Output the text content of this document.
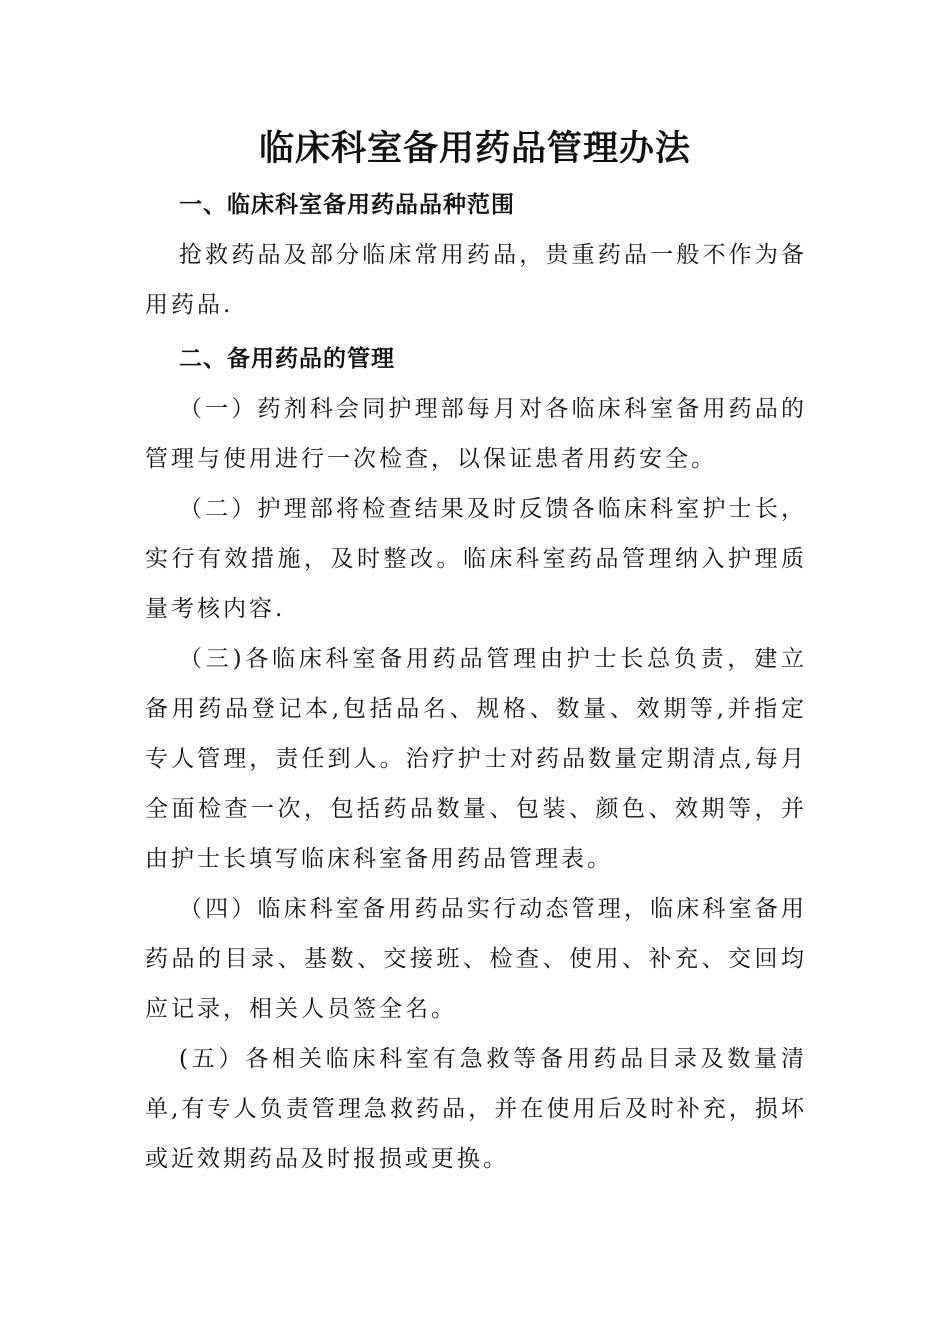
临床科室备用药品管理办法

一、临床科室备用药品品种范围

抢救药品及部分临床常用药品，贵重药品一般不作为备用药品.

二、备用药品的管理

（一）药剂科会同护理部每月对各临床科室备用药品的管理与使用进行一次检查，以保证患者用药安全。

（二）护理部将检查结果及时反馈各临床科室护士长，实行有效措施，及时整改。临床科室药品管理纳入护理质量考核内容.

（三)各临床科室备用药品管理由护士长总负责，建立备用药品登记本,包括品名、规格、数量、效期等,并指定专人管理，责任到人。治疗护士对药品数量定期清点,每月全面检查一次，包括药品数量、包装、颜色、效期等，并由护士长填写临床科室备用药品管理表。

（四）临床科室备用药品实行动态管理，临床科室备用药品的目录、基数、交接班、检查、使用、补充、交回均应记录，相关人员签全名。

(五）各相关临床科室有急救等备用药品目录及数量清单,有专人负责管理急救药品，并在使用后及时补充，损坏或近效期药品及时报损或更换。
